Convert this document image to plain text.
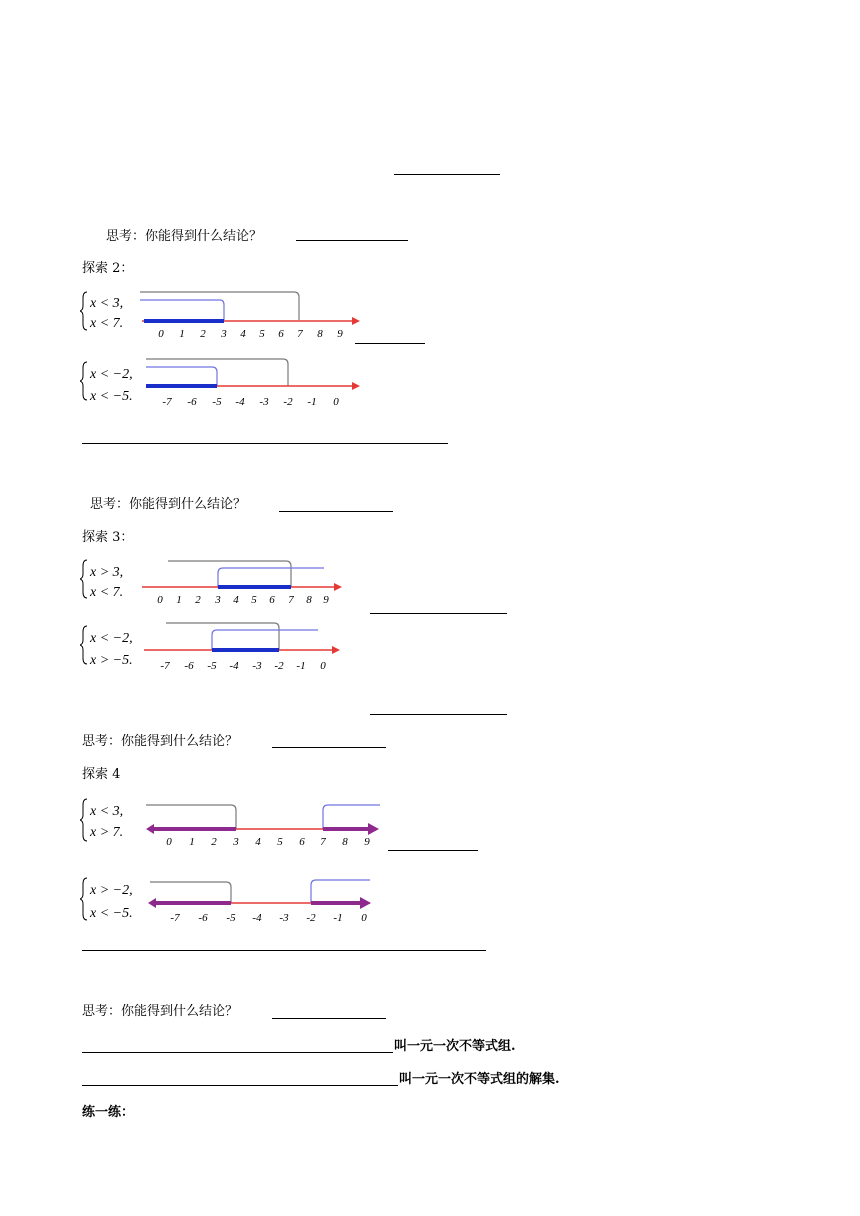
思考：你能得到什么结论？
探索 2：
x < 3,
x < 7.
0 1 2 3 4 5 6 7 8 9
x < −2,
x < −5.	-7 -6 -5 -4 -3 -2 -1 0
思考：你能得到什么结论？
探索 3：
x > 3,
x < 7.	0 1 2 3 4 5 6 7 8 9
x < −2,
x > −5.	-7 -6 -5 -4 -3 -2 -1 0
思考：你能得到什么结论？
探索 4
x < 3,
x > 7.
0 1 2 3 4 5 6 7 8 9
x > −2,
x < −5.	-7 -6 -5 -4 -3 -2 -1 0
思考：你能得到什么结论？
叫一元一次不等式组.
叫一元一次不等式组的解集.
练一练：
